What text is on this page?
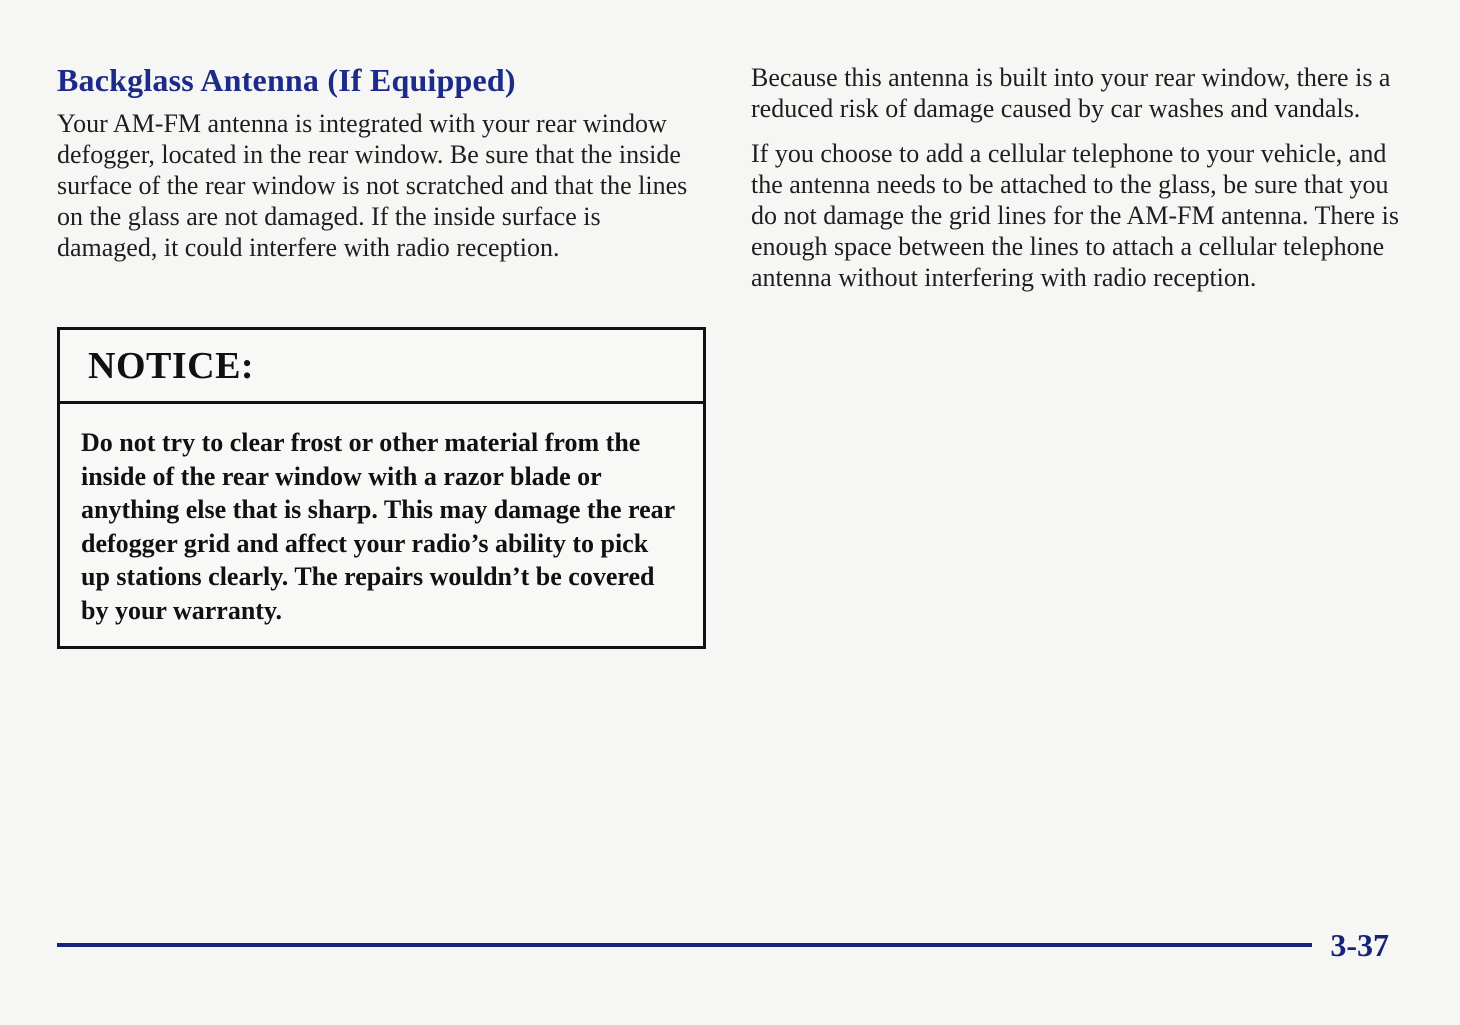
Backglass Antenna (If Equipped)

Your AM-FM antenna is integrated with your rear window defogger, located in the rear window. Be sure that the inside surface of the rear window is not scratched and that the lines on the glass are not damaged. If the inside surface is damaged, it could interfere with radio reception.

NOTICE:

Do not try to clear frost or other material from the inside of the rear window with a razor blade or anything else that is sharp. This may damage the rear defogger grid and affect your radio’s ability to pick up stations clearly. The repairs wouldn’t be covered by your warranty.

Because this antenna is built into your rear window, there is a reduced risk of damage caused by car washes and vandals.

If you choose to add a cellular telephone to your vehicle, and the antenna needs to be attached to the glass, be sure that you do not damage the grid lines for the AM-FM antenna. There is enough space between the lines to attach a cellular telephone antenna without interfering with radio reception.

3-37
